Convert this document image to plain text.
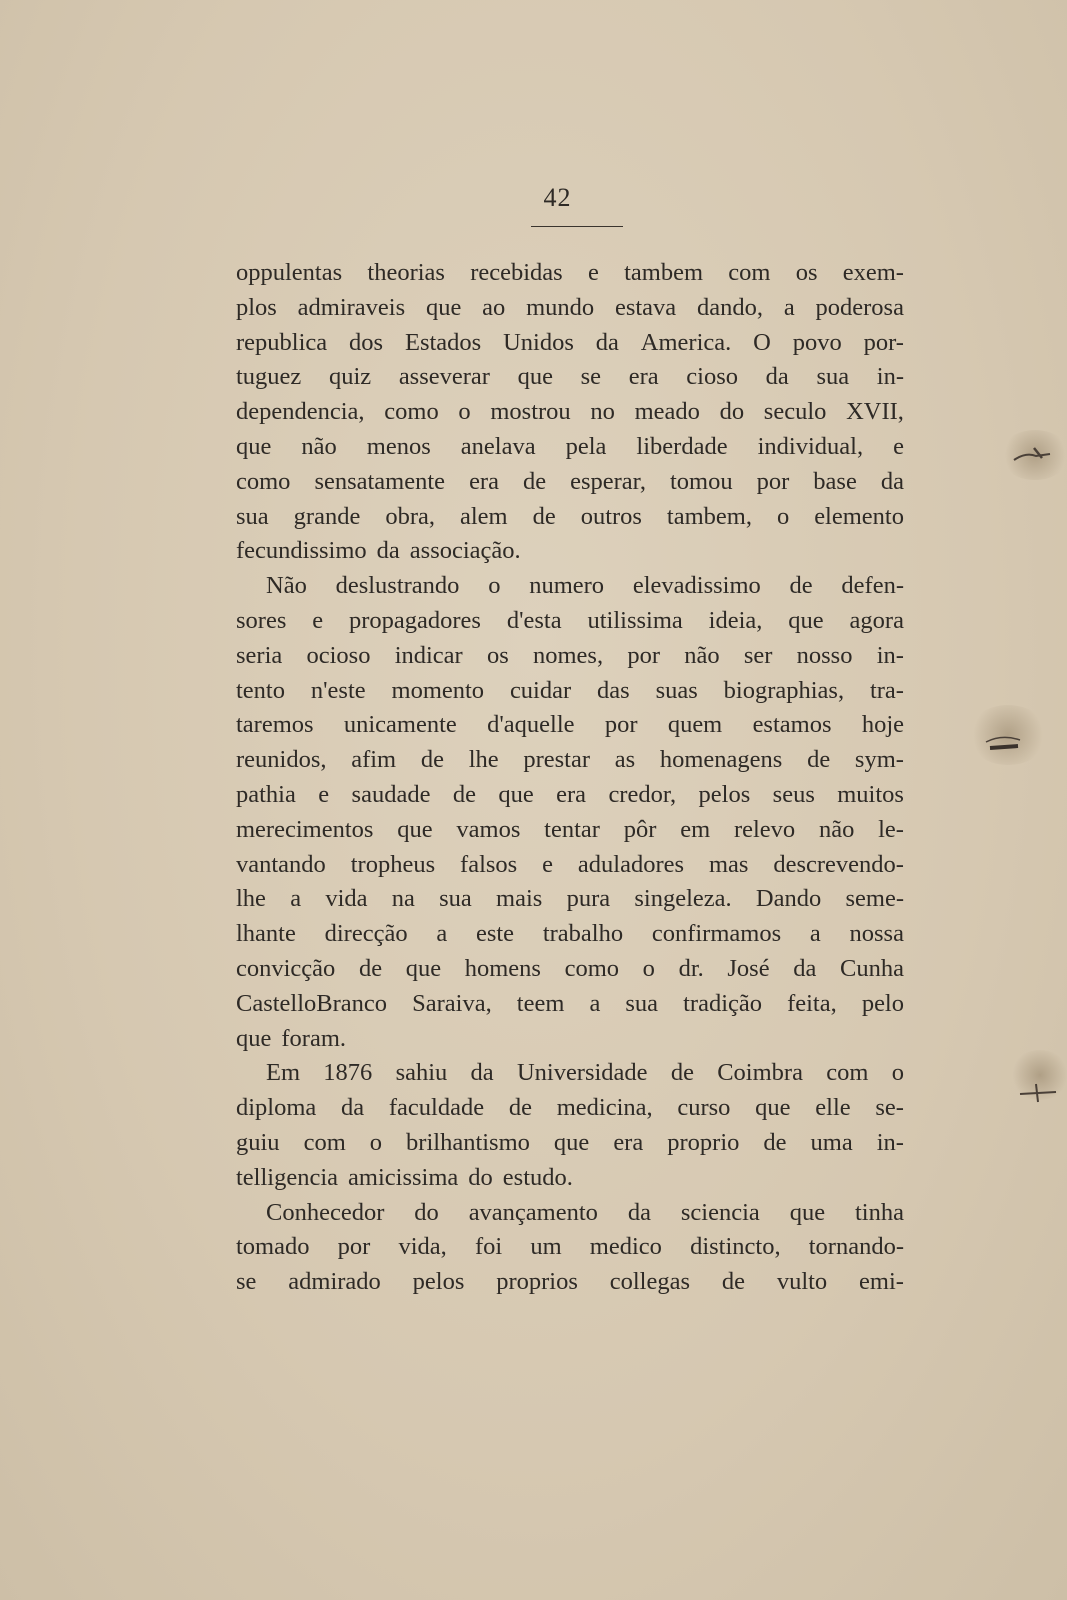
42
oppulentas theorias recebidas e tambem com os exem-
plos admiraveis que ao mundo estava dando, a poderosa
republica dos Estados Unidos da America. O povo por-
tuguez quiz asseverar que se era cioso da sua in-
dependencia, como o mostrou no meado do seculo XVII,
que não menos anelava pela liberdade individual, e
como sensatamente era de esperar, tomou por base da
sua grande obra, alem de outros tambem, o elemento
fecundissimo da associação.
Não deslustrando o numero elevadissimo de defen-
sores e propagadores d'esta utilissima ideia, que agora
seria ocioso indicar os nomes, por não ser nosso in-
tento n'este momento cuidar das suas biographias, tra-
taremos unicamente d'aquelle por quem estamos hoje
reunidos, afim de lhe prestar as homenagens de sym-
pathia e saudade de que era credor, pelos seus muitos
merecimentos que vamos tentar pôr em relevo não le-
vantando tropheus falsos e aduladores mas descrevendo-
lhe a vida na sua mais pura singeleza. Dando seme-
lhante direcção a este trabalho confirmamos a nossa
convicção de que homens como o dr. José da Cunha
CastelloBranco Saraiva, teem a sua tradição feita, pelo
que foram.
Em 1876 sahiu da Universidade de Coimbra com o
diploma da faculdade de medicina, curso que elle se-
guiu com o brilhantismo que era proprio de uma in-
telligencia amicissima do estudo.
Conhecedor do avançamento da sciencia que tinha
tomado por vida, foi um medico distincto, tornando-
se admirado pelos proprios collegas de vulto emi-
